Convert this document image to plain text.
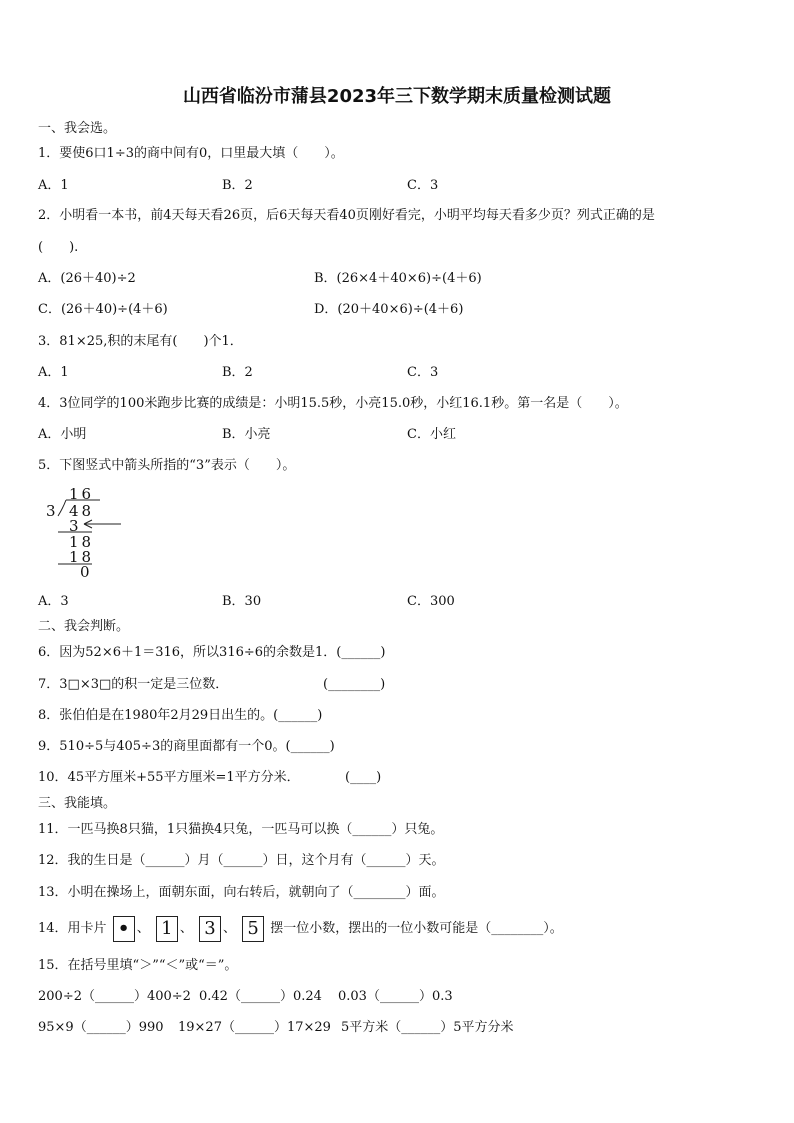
山西省临汾市蒲县2023年三下数学期末质量检测试题
一、我会选。
1．要使6口1÷3的商中间有0，口里最大填（　　）。
A．1	B．2	C．3
2．小明看一本书，前4天每天看26页，后6天每天看40页刚好看完，小明平均每天看多少页？列式正确的是
(　　).
A．(26＋40)÷2	B．(26×4＋40×6)÷(4＋6)
C．(26＋40)÷(4＋6)	D．(20＋40×6)÷(4＋6)
3．81×25,积的末尾有(　　)个1．
A．1	B．2	C．3
4．3位同学的100米跑步比赛的成绩是：小明15.5秒，小亮15.0秒，小红16.1秒。第一名是（　　）。
A．小明	B．小亮	C．小红
5．下图竖式中箭头所指的“3”表示（　　）。
16
3 48
3
18
18
0
A．3	B．30	C．300
二、我会判断。
6．因为52×6＋1＝316，所以316÷6的余数是1．(______)
7．3□×3□的积一定是三位数．	(________)
8．张伯伯是在1980年2月29日出生的。(______)
9．510÷5与405÷3的商里面都有一个0。(______)
10．45平方厘米+55平方厘米=1平方分米．	(____)
三、我能填。
11．一匹马换8只猫，1只猫换4只兔，一匹马可以换（______）只兔。
12．我的生日是（______）月（______）日，这个月有（______）天。
13．小明在操场上，面朝东面，向右转后，就朝向了（________）面。
14．用卡片 • 、 1 、 3 、 5 摆一位小数，摆出的一位小数可能是（________）。
15．在括号里填“＞”“＜”或“＝”。
200÷2（______）400÷2 0.42（______）0.24 0.03（______）0.3
95×9（______）990 19×27（______）17×29 5平方米（______）5平方分米
